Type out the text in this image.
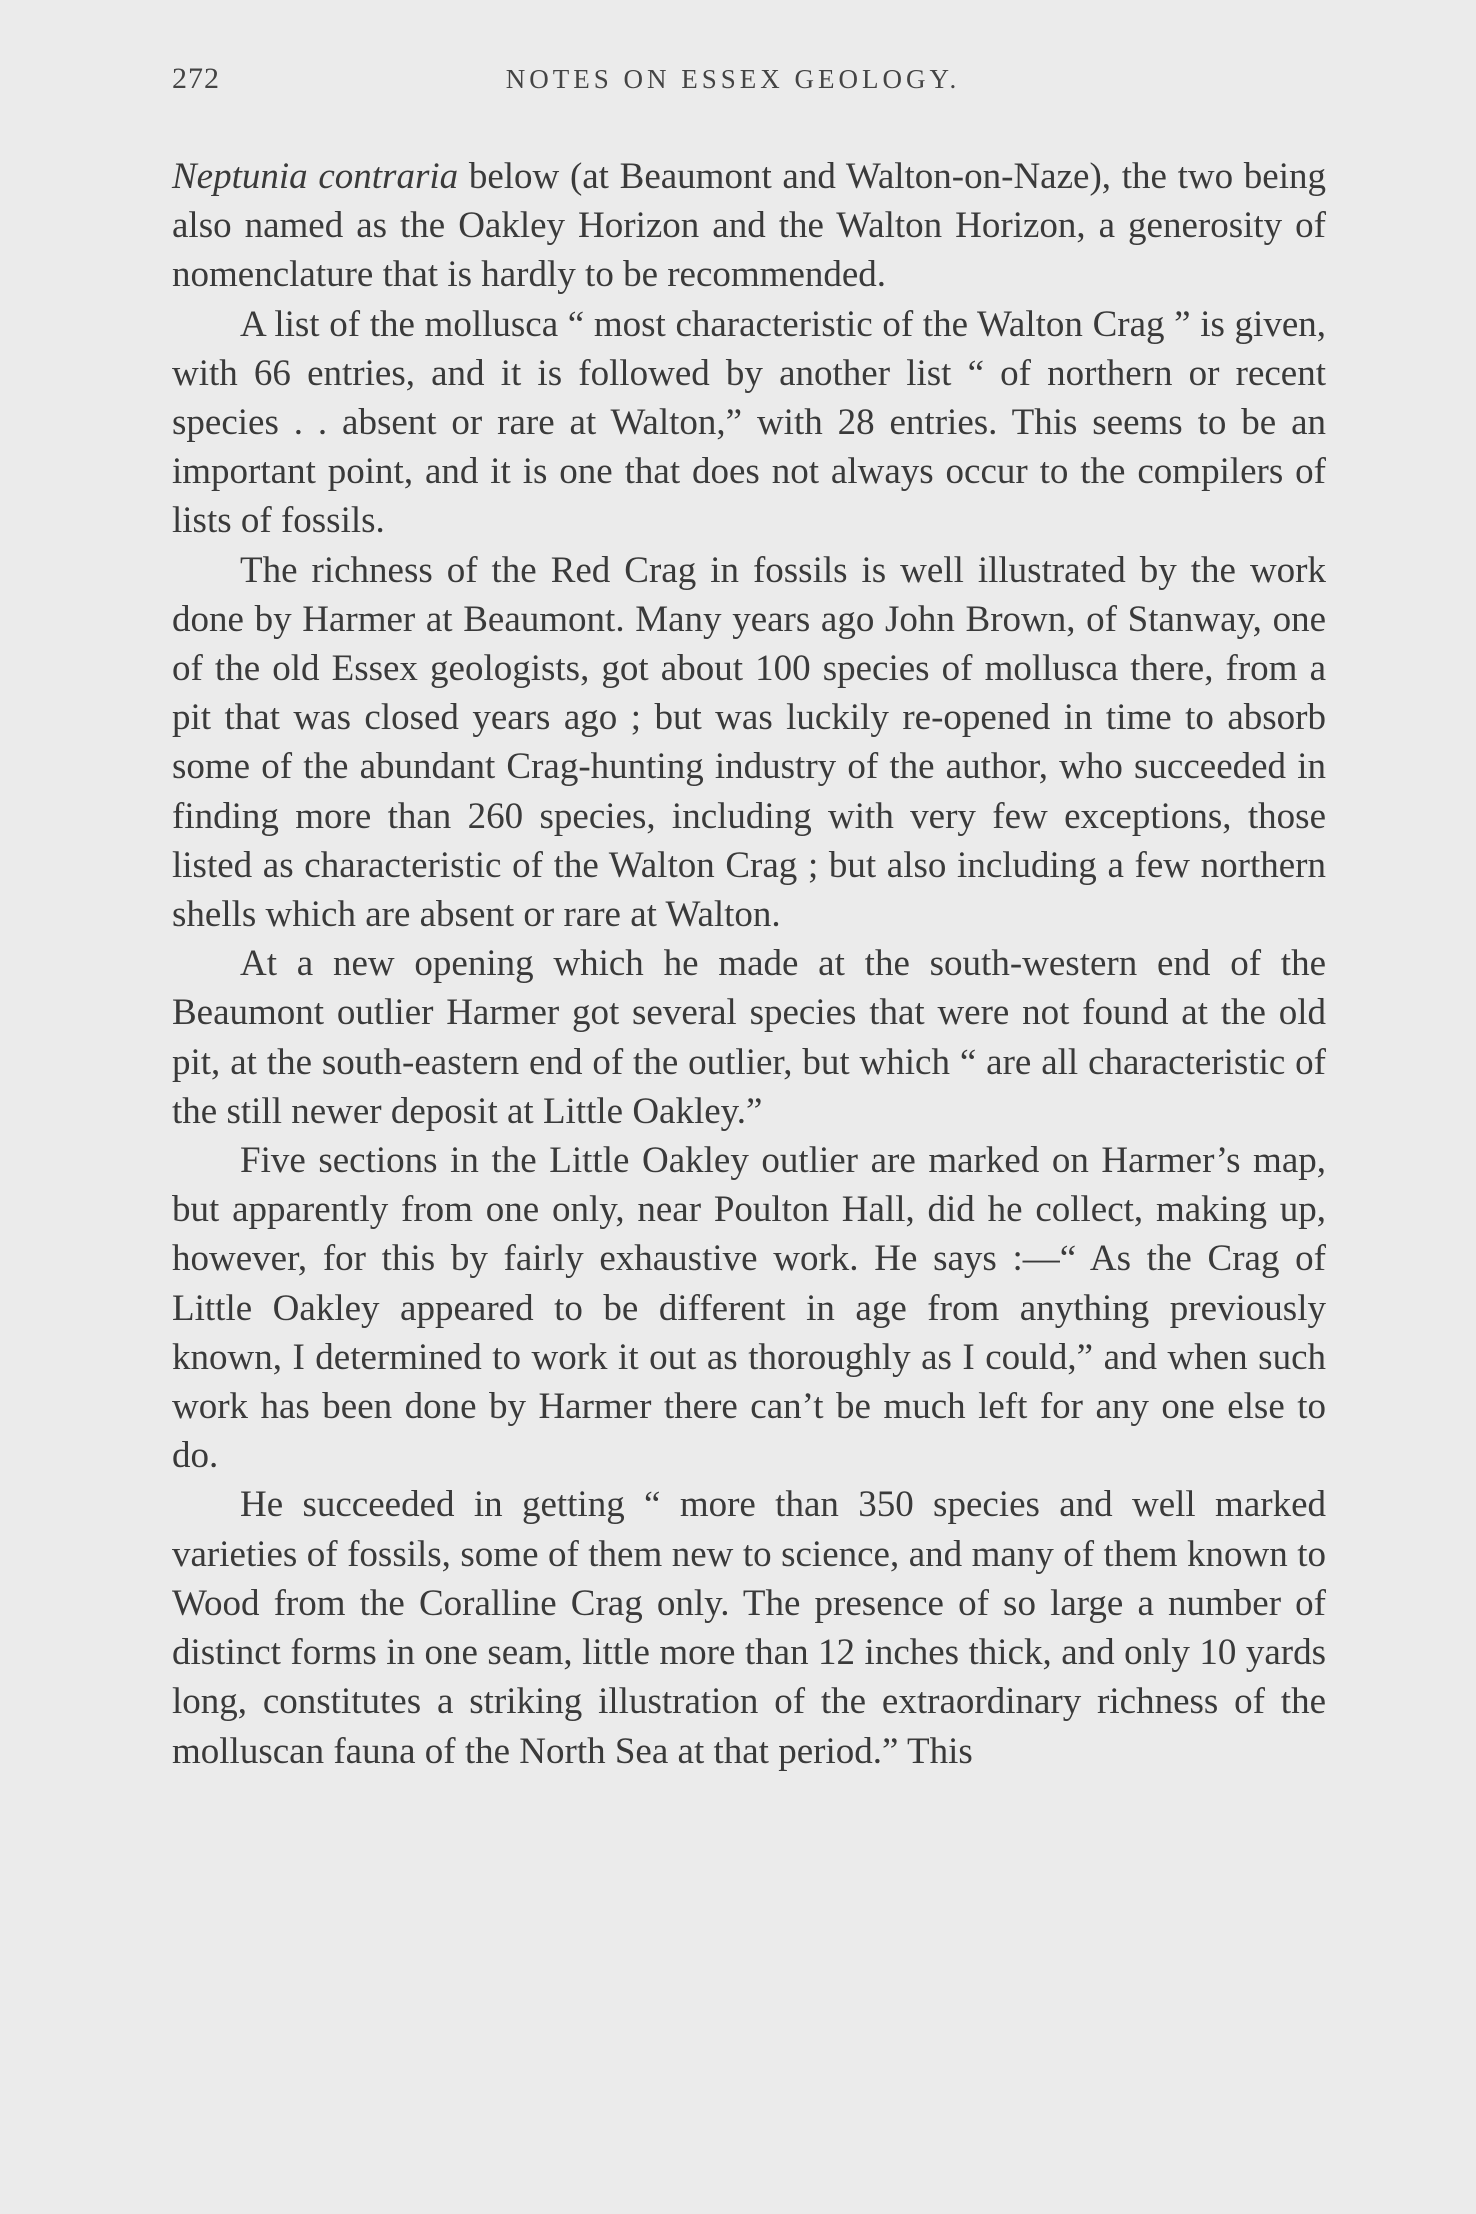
272	NOTES ON ESSEX GEOLOGY.

Neptunia contraria below (at Beaumont and Walton-on-Naze), the two being also named as the Oakley Horizon and the Walton Horizon, a generosity of nomenclature that is hardly to be recommended.

A list of the mollusca “ most characteristic of the Walton Crag ” is given, with 66 entries, and it is followed by another list “ of northern or recent species . . absent or rare at Walton,” with 28 entries. This seems to be an important point, and it is one that does not always occur to the compilers of lists of fossils.

The richness of the Red Crag in fossils is well illustrated by the work done by Harmer at Beaumont. Many years ago John Brown, of Stanway, one of the old Essex geologists, got about 100 species of mollusca there, from a pit that was closed years ago ; but was luckily re-opened in time to absorb some of the abundant Crag-hunting industry of the author, who succeeded in finding more than 260 species, including with very few exceptions, those listed as characteristic of the Walton Crag ; but also including a few northern shells which are absent or rare at Walton.

At a new opening which he made at the south-western end of the Beaumont outlier Harmer got several species that were not found at the old pit, at the south-eastern end of the outlier, but which “ are all characteristic of the still newer deposit at Little Oakley.”

Five sections in the Little Oakley outlier are marked on Harmer’s map, but apparently from one only, near Poulton Hall, did he collect, making up, however, for this by fairly exhaustive work. He says :—“ As the Crag of Little Oakley appeared to be different in age from anything previously known, I determined to work it out as thoroughly as I could,” and when such work has been done by Harmer there can’t be much left for any one else to do.

He succeeded in getting “ more than 350 species and well marked varieties of fossils, some of them new to science, and many of them known to Wood from the Coralline Crag only. The presence of so large a number of distinct forms in one seam, little more than 12 inches thick, and only 10 yards long, constitutes a striking illustration of the extraordinary richness of the molluscan fauna of the North Sea at that period.” This
